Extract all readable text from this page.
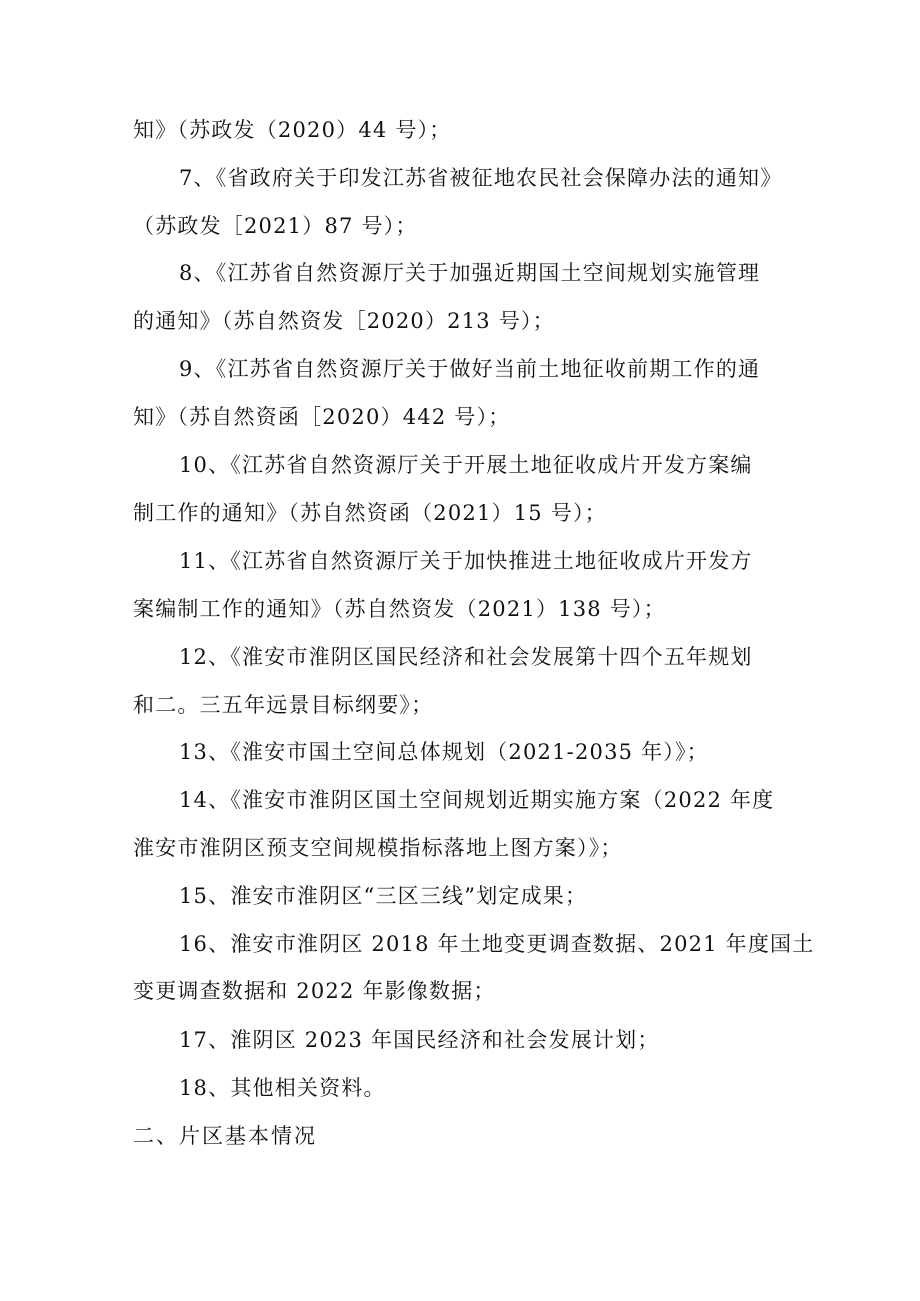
知》（苏政发（2020）44 号）；
7、《省政府关于印发江苏省被征地农民社会保障办法的通知》
（苏政发［2021）87 号）；
8、《江苏省自然资源厅关于加强近期国土空间规划实施管理
的通知》（苏自然资发［2020）213 号）；
9、《江苏省自然资源厅关于做好当前土地征收前期工作的通
知》（苏自然资函［2020）442 号）；
10、《江苏省自然资源厅关于开展土地征收成片开发方案编
制工作的通知》（苏自然资函（2021）15 号）；
11、《江苏省自然资源厅关于加快推进土地征收成片开发方
案编制工作的通知》（苏自然资发（2021）138 号）；
12、《淮安市淮阴区国民经济和社会发展第十四个五年规划
和二。三五年远景目标纲要》；
13、《淮安市国土空间总体规划（2021-2035 年）》；
14、《淮安市淮阴区国土空间规划近期实施方案（2022 年度
淮安市淮阴区预支空间规模指标落地上图方案）》；
15、淮安市淮阴区“三区三线”划定成果；
16、淮安市淮阴区 2018 年土地变更调查数据、2021 年度国土
变更调查数据和 2022 年影像数据；
17、淮阴区 2023 年国民经济和社会发展计划；
18、其他相关资料。
二、片区基本情况
